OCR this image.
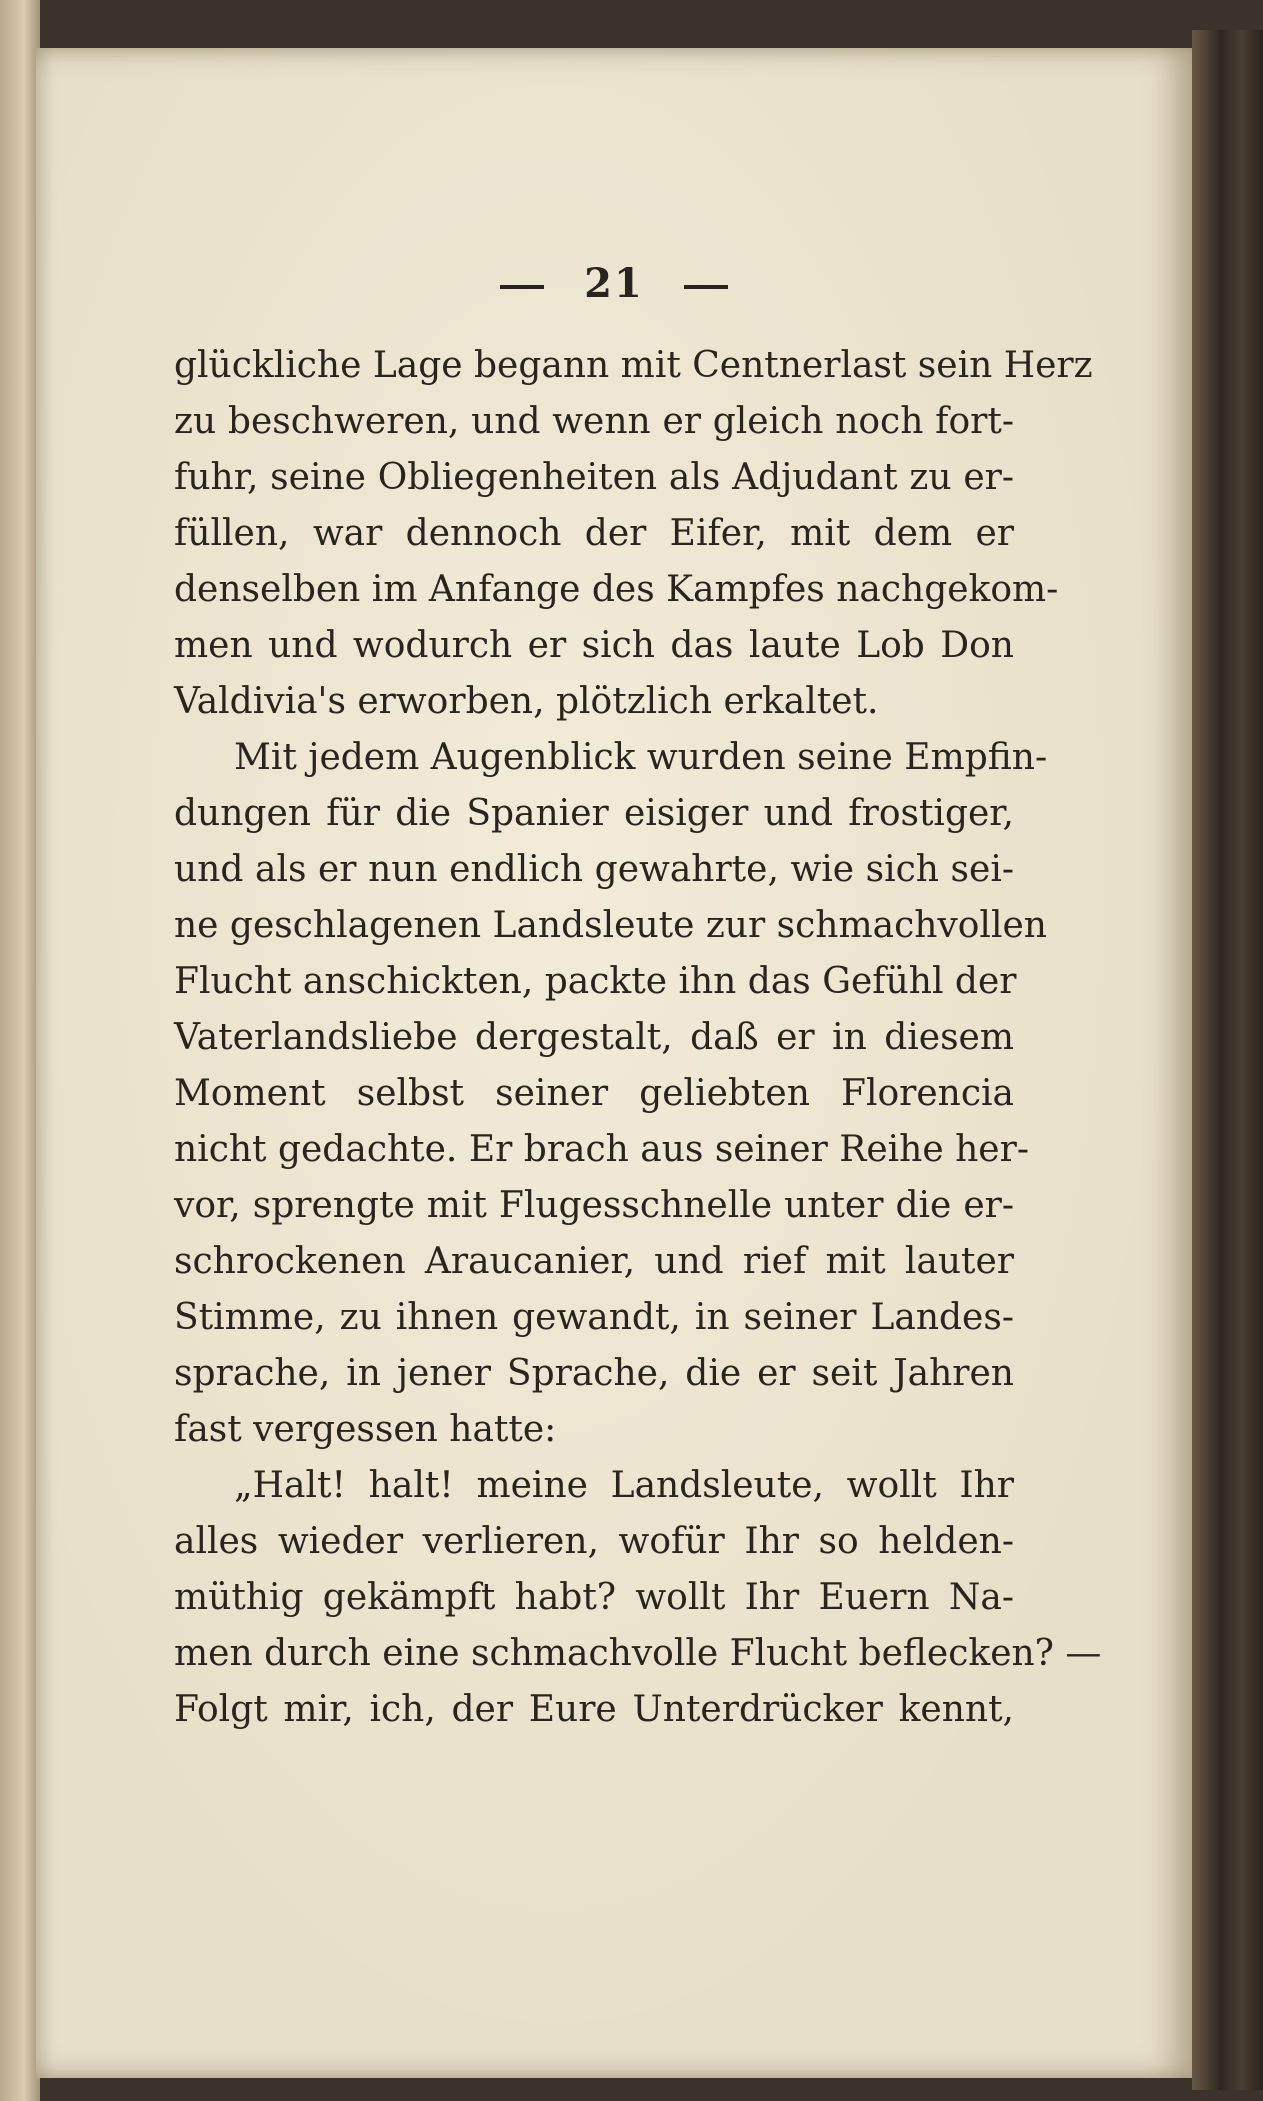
21
glückliche Lage begann mit Centnerlast sein Herz
zu beschweren, und wenn er gleich noch fort-
fuhr, seine Obliegenheiten als Adjudant zu er-
füllen, war dennoch der Eifer, mit dem er
denselben im Anfange des Kampfes nachgekom-
men und wodurch er sich das laute Lob Don
Valdivia's erworben, plötzlich erkaltet.
Mit jedem Augenblick wurden seine Empfin-
dungen für die Spanier eisiger und frostiger,
und als er nun endlich gewahrte, wie sich sei-
ne geschlagenen Landsleute zur schmachvollen
Flucht anschickten, packte ihn das Gefühl der
Vaterlandsliebe dergestalt, daß er in diesem
Moment selbst seiner geliebten Florencia
nicht gedachte. Er brach aus seiner Reihe her-
vor, sprengte mit Flugesschnelle unter die er-
schrockenen Araucanier, und rief mit lauter
Stimme, zu ihnen gewandt, in seiner Landes-
sprache, in jener Sprache, die er seit Jahren
fast vergessen hatte:
„Halt! halt! meine Landsleute, wollt Ihr
alles wieder verlieren, wofür Ihr so helden-
müthig gekämpft habt? wollt Ihr Euern Na-
men durch eine schmachvolle Flucht beflecken? —
Folgt mir, ich, der Eure Unterdrücker kennt,
